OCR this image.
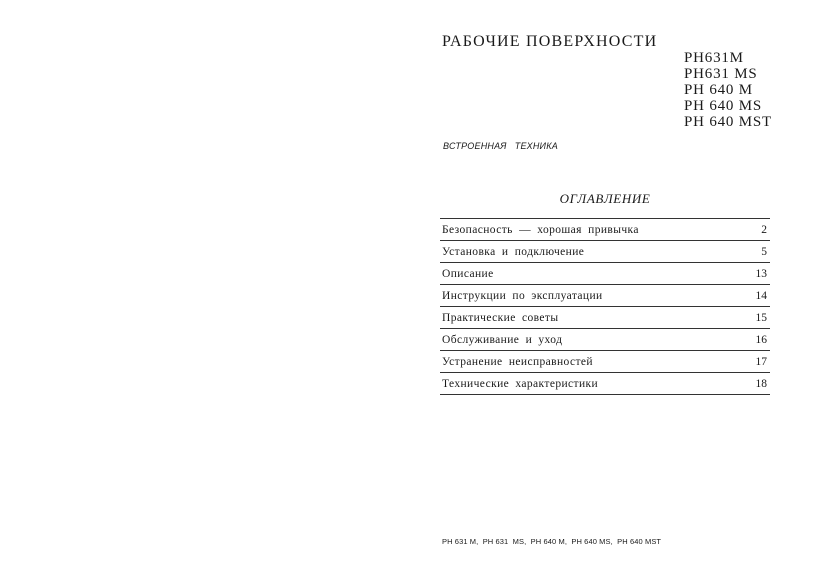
РАБОЧИЕ ПОВЕРХНОСТИ
PH631M
PH631 MS
PH 640 M
PH 640 MS
PH 640 MST
ВСТРОЕННАЯ   ТЕХНИКА
ОГЛАВЛЕНИЕ
Безопасность — хорошая привычка	2
Установка и подключение	5
Описание	13
Инструкции по эксплуатации	14
Практические советы	15
Обслуживание и уход	16
Устранение неисправностей	17
Технические характеристики	18
PH 631 M,  PH 631  MS,  PH 640 M,  PH 640 MS,  PH 640 MST
